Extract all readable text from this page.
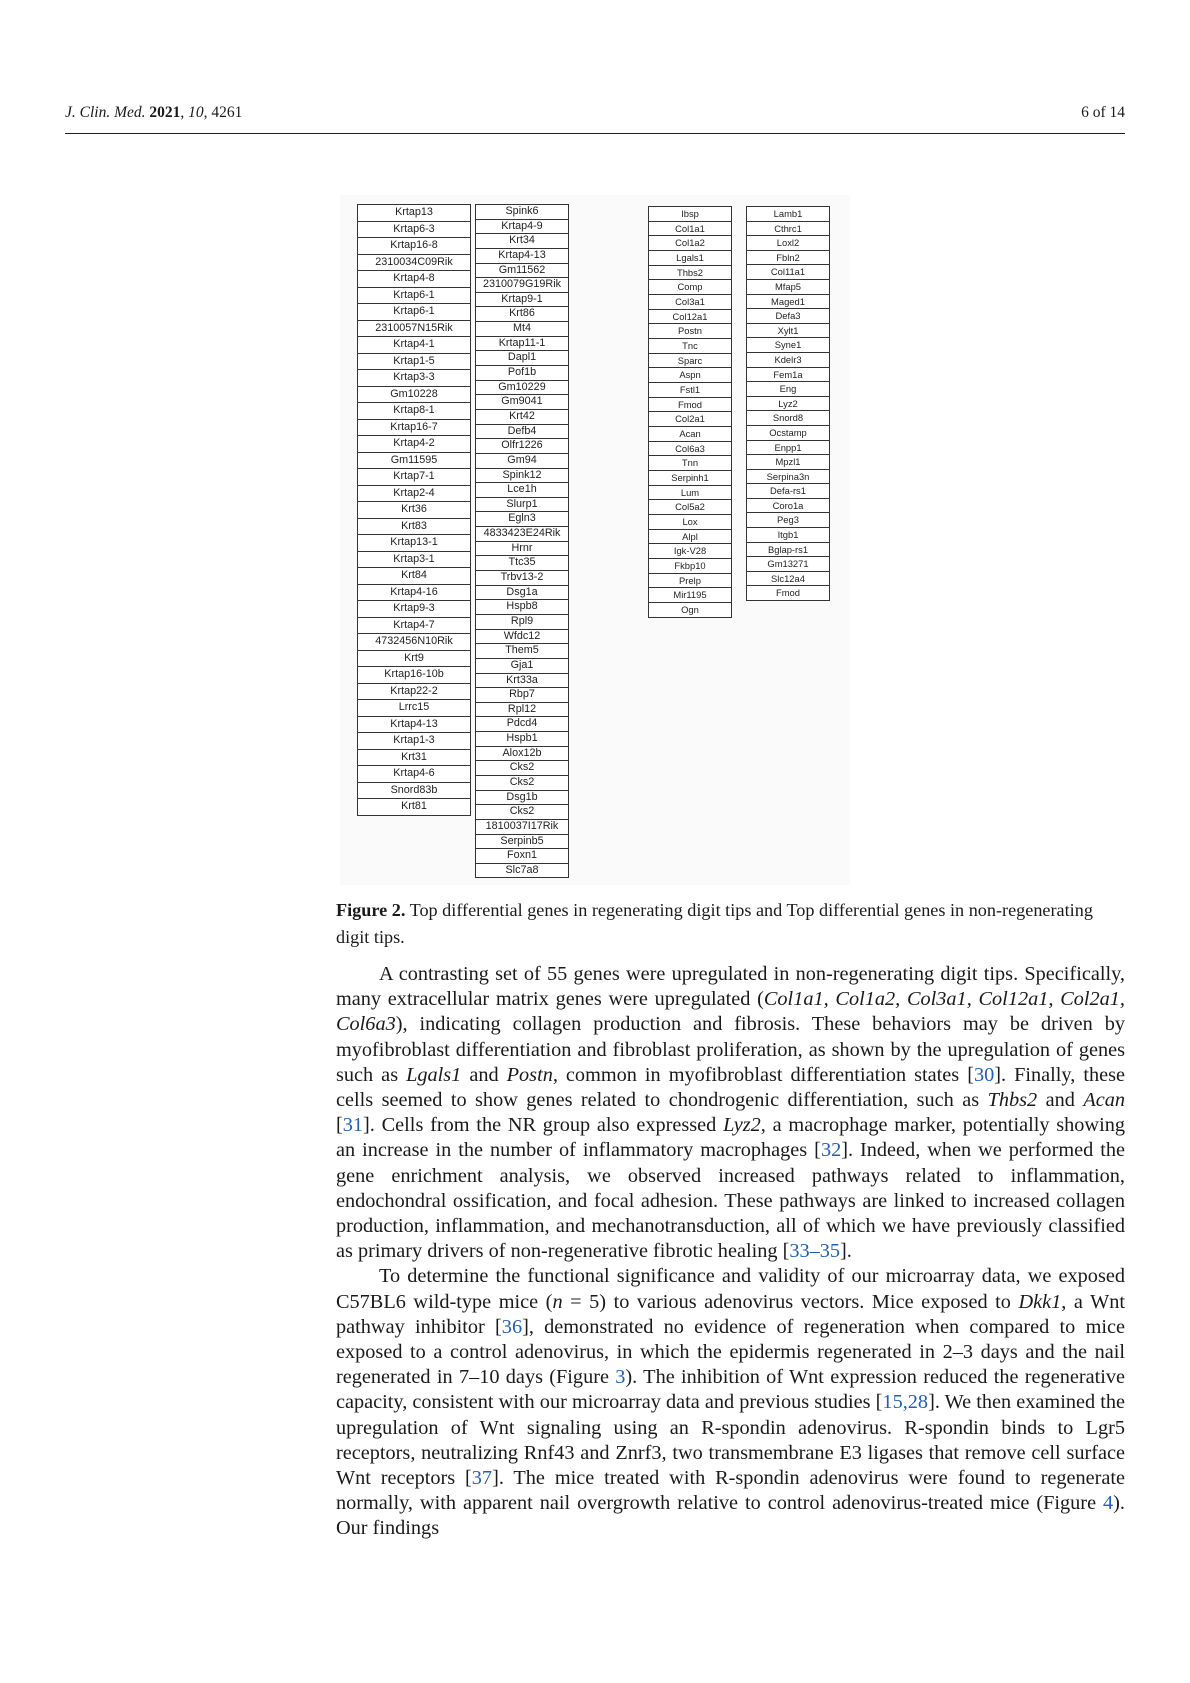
J. Clin. Med. 2021, 10, 4261	6 of 14
Krtap13
Krtap6-3
Krtap16-8
2310034C09Rik
Krtap4-8
Krtap6-1
Krtap6-1
2310057N15Rik
Krtap4-1
Krtap1-5
Krtap3-3
Gm10228
Krtap8-1
Krtap16-7
Krtap4-2
Gm11595
Krtap7-1
Krtap2-4
Krt36
Krt83
Krtap13-1
Krtap3-1
Krt84
Krtap4-16
Krtap9-3
Krtap4-7
4732456N10Rik
Krt9
Krtap16-10b
Krtap22-2
Lrrc15
Krtap4-13
Krtap1-3
Krt31
Krtap4-6
Snord83b
Krt81
Spink6
Krtap4-9
Krt34
Krtap4-13
Gm11562
2310079G19Rik
Krtap9-1
Krt86
Mt4
Krtap11-1
Dapl1
Pof1b
Gm10229
Gm9041
Krt42
Defb4
Olfr1226
Gm94
Spink12
Lce1h
Slurp1
Egln3
4833423E24Rik
Hrnr
Ttc35
Trbv13-2
Dsg1a
Hspb8
Rpl9
Wfdc12
Them5
Gja1
Krt33a
Rbp7
Rpl12
Pdcd4
Hspb1
Alox12b
Cks2
Cks2
Dsg1b
Cks2
1810037I17Rik
Serpinb5
Foxn1
Slc7a8
Ibsp
Col1a1
Col1a2
Lgals1
Thbs2
Comp
Col3a1
Col12a1
Postn
Tnc
Sparc
Aspn
Fstl1
Fmod
Col2a1
Acan
Col6a3
Tnn
Serpinh1
Lum
Col5a2
Lox
Alpl
Igk-V28
Fkbp10
Prelp
Mir1195
Ogn
Lamb1
Cthrc1
Loxl2
Fbln2
Col11a1
Mfap5
Maged1
Defa3
Xylt1
Syne1
Kdelr3
Fem1a
Eng
Lyz2
Snord8
Ocstamp
Enpp1
Mpzl1
Serpina3n
Defa-rs1
Coro1a
Peg3
Itgb1
Bglap-rs1
Gm13271
Slc12a4
Fmod
Figure 2. Top differential genes in regenerating digit tips and Top differential genes in non-regenerating digit tips.

A contrasting set of 55 genes were upregulated in non-regenerating digit tips. Specifically, many extracellular matrix genes were upregulated (Col1a1, Col1a2, Col3a1, Col12a1, Col2a1, Col6a3), indicating collagen production and fibrosis. These behaviors may be driven by myofibroblast differentiation and fibroblast proliferation, as shown by the upregulation of genes such as Lgals1 and Postn, common in myofibroblast differentiation states [30]. Finally, these cells seemed to show genes related to chondrogenic differentiation, such as Thbs2 and Acan [31]. Cells from the NR group also expressed Lyz2, a macrophage marker, potentially showing an increase in the number of inflammatory macrophages [32]. Indeed, when we performed the gene enrichment analysis, we observed increased pathways related to inflammation, endochondral ossification, and focal adhesion. These pathways are linked to increased collagen production, inflammation, and mechanotransduction, all of which we have previously classified as primary drivers of non-regenerative fibrotic healing [33–35].

To determine the functional significance and validity of our microarray data, we exposed C57BL6 wild-type mice (n = 5) to various adenovirus vectors. Mice exposed to Dkk1, a Wnt pathway inhibitor [36], demonstrated no evidence of regeneration when compared to mice exposed to a control adenovirus, in which the epidermis regenerated in 2–3 days and the nail regenerated in 7–10 days (Figure 3). The inhibition of Wnt expression reduced the regenerative capacity, consistent with our microarray data and previous studies [15,28]. We then examined the upregulation of Wnt signaling using an R-spondin adenovirus. R-spondin binds to Lgr5 receptors, neutralizing Rnf43 and Znrf3, two transmembrane E3 ligases that remove cell surface Wnt receptors [37]. The mice treated with R-spondin adenovirus were found to regenerate normally, with apparent nail overgrowth relative to control adenovirus-treated mice (Figure 4). Our findings
